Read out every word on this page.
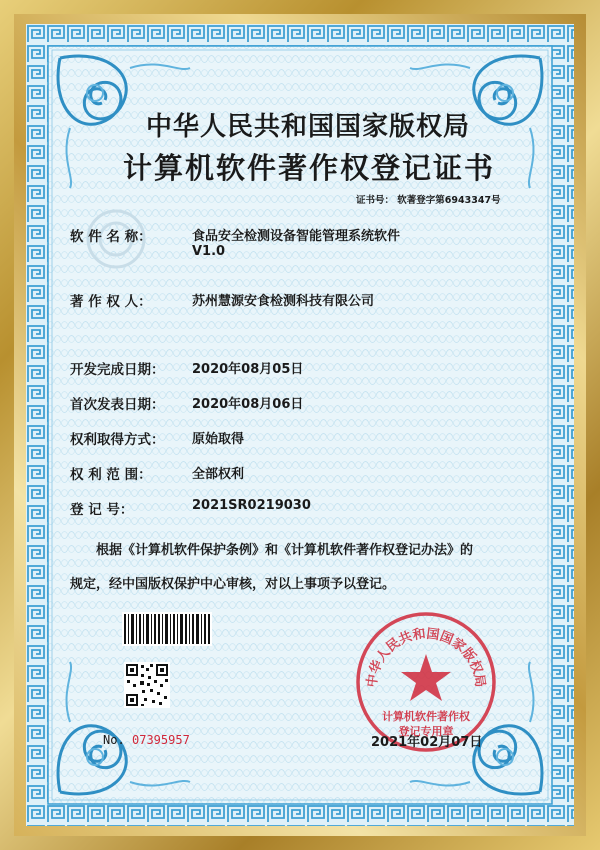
中华人民共和国国家版权局
计算机软件著作权登记证书
证书号： 软著登字第6943347号
软 件 名 称：	食品安全检测设备智能管理系统软件
V1.0
著 作 权 人：	苏州慧源安食检测科技有限公司
开发完成日期： 2020年08月05日
首次发表日期： 2020年08月06日
权利取得方式： 原始取得
权 利 范 围：	全部权利
登 记 号：	2021SR0219030
根据《计算机软件保护条例》和《计算机软件著作权登记办法》的
规定，经中国版权保护中心审核，对以上事项予以登记。
No. 07395957
中华人民共和国国家版权局
计算机软件著作权
登记专用章
2021年02月07日
